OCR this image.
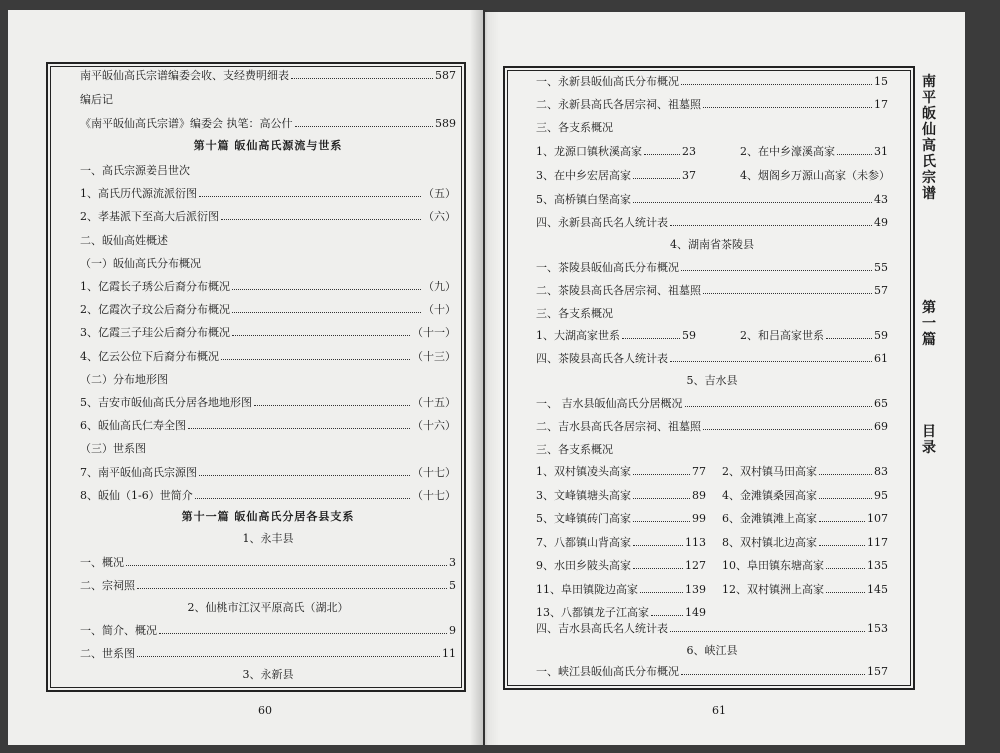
南平皈仙高氏宗谱编委会收、支经费明细表	587
编后记
《南平皈仙高氏宗谱》编委会 执笔：高公什	589
第十篇 皈仙高氏源流与世系
一、高氏宗源姜吕世次
1、高氏历代源流派衍图	（五）
2、孝基派下至高大后派衍图	（六）
二、皈仙高姓概述
（一）皈仙高氏分布概况
1、亿霞长子琇公后裔分布概况	（九）
2、亿霞次子玟公后裔分布概况	（十）
3、亿霞三子珪公后裔分布概况	（十一）
4、亿云公位下后裔分布概况	（十三）
（二）分布地形图
5、吉安市皈仙高氏分居各地地形图	（十五）
6、皈仙高氏仁寿全图	（十六）
（三）世系图
7、南平皈仙高氏宗源图	（十七）
8、皈仙（1-6）世简介	（十七）
第十一篇 皈仙高氏分居各县支系
1、永丰县
一、概况	3
二、宗祠照	5
2、仙桃市江汉平原高氏（湖北）
一、简介、概况	9
二、世系图	11
3、永新县
一、永新县皈仙高氏分布概况	15
二、永新县高氏各居宗祠、祖墓照	17
三、各支系概况
1、龙源口镇秋溪高家	23	2、在中乡濠溪高家	31
3、在中乡宏居高家	37	4、烟阁乡万源山高家（未参）
5、高桥镇白堡高家	43
四、永新县高氏名人统计表	49
4、湖南省茶陵县
一、茶陵县皈仙高氏分布概况	55
二、茶陵县高氏各居宗祠、祖墓照	57
三、各支系概况
1、大湖高家世系	59	2、和吕高家世系	59
四、茶陵县高氏各人统计表	61
5、吉水县
一、 吉水县皈仙高氏分居概况	65
二、吉水县高氏各居宗祠、祖墓照	69
三、各支系概况
1、双村镇凌头高家	77 2、双村镇马田高家	83
3、文峰镇塘头高家	89 4、金滩镇桑园高家	95
5、文峰镇砖门高家	99 6、金滩镇滩上高家	107
7、八都镇山背高家	113 8、双村镇北边高家	117
9、水田乡陂头高家	127 10、阜田镇东塘高家	135
11、阜田镇陇边高家	139 12、双村镇洲上高家	145
13、八都镇龙子江高家	149
四、吉水县高氏名人统计表	153
6、峡江县
一、峡江县皈仙高氏分布概况	157
南平皈仙高氏宗谱
第一篇
目录
60	61
